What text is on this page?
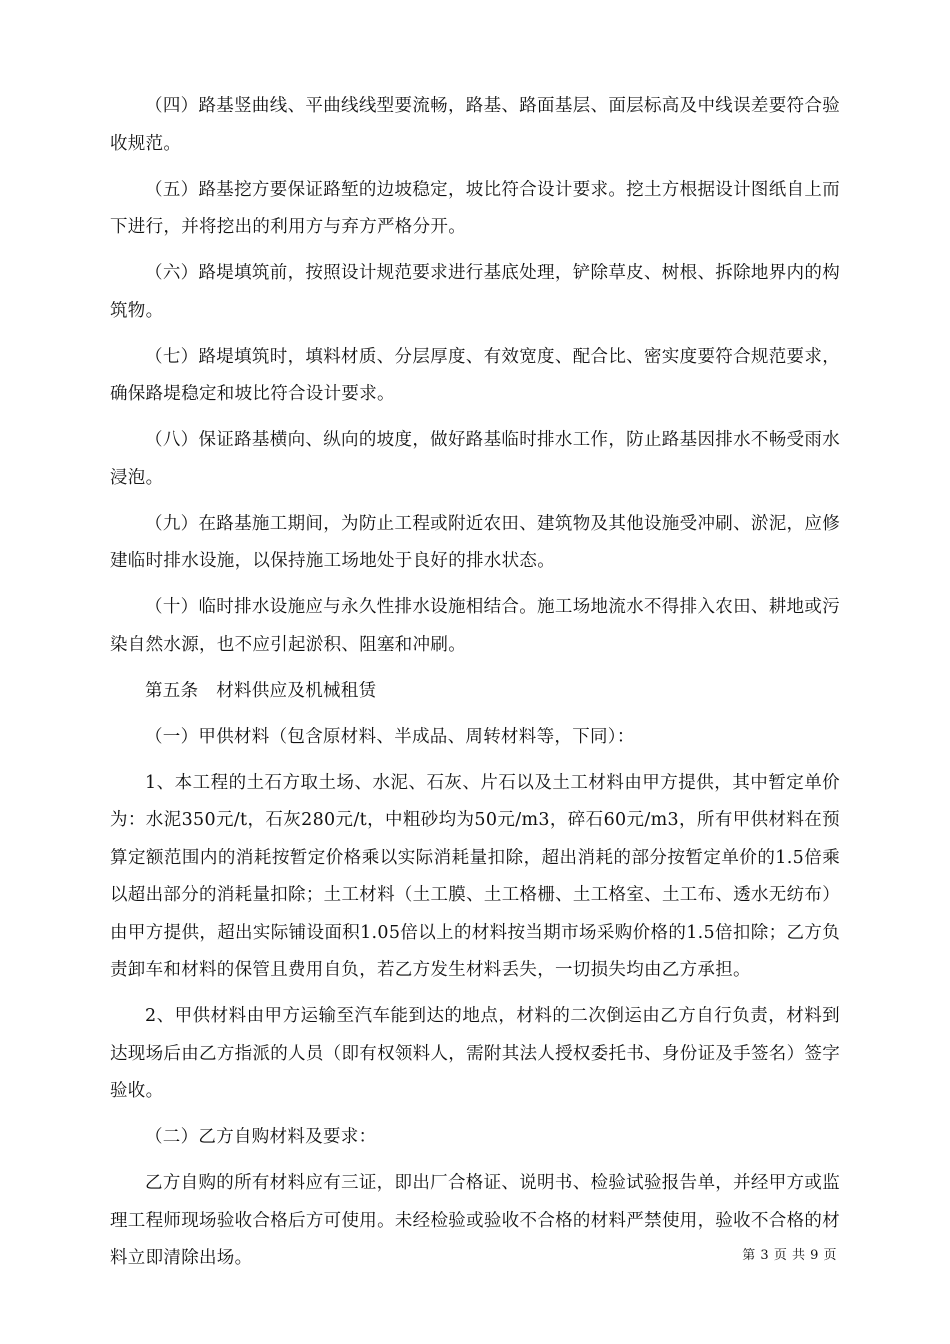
（四）路基竖曲线、平曲线线型要流畅，路基、路面基层、面层标高及中线误差要符合验收规范。

（五）路基挖方要保证路堑的边坡稳定，坡比符合设计要求。挖土方根据设计图纸自上而下进行，并将挖出的利用方与弃方严格分开。

（六）路堤填筑前，按照设计规范要求进行基底处理，铲除草皮、树根、拆除地界内的构筑物。

（七）路堤填筑时，填料材质、分层厚度、有效宽度、配合比、密实度要符合规范要求，确保路堤稳定和坡比符合设计要求。

（八）保证路基横向、纵向的坡度，做好路基临时排水工作，防止路基因排水不畅受雨水浸泡。

（九）在路基施工期间，为防止工程或附近农田、建筑物及其他设施受冲刷、淤泥，应修建临时排水设施，以保持施工场地处于良好的排水状态。

（十）临时排水设施应与永久性排水设施相结合。施工场地流水不得排入农田、耕地或污染自然水源，也不应引起淤积、阻塞和冲刷。

第五条　材料供应及机械租赁

（一）甲供材料（包含原材料、半成品、周转材料等，下同）：

1、本工程的土石方取土场、水泥、石灰、片石以及土工材料由甲方提供，其中暂定单价为：水泥350元/t，石灰280元/t，中粗砂均为50元/m3，碎石60元/m3，所有甲供材料在预算定额范围内的消耗按暂定价格乘以实际消耗量扣除，超出消耗的部分按暂定单价的1.5倍乘以超出部分的消耗量扣除；土工材料（土工膜、土工格栅、土工格室、土工布、透水无纺布）由甲方提供，超出实际铺设面积1.05倍以上的材料按当期市场采购价格的1.5倍扣除；乙方负责卸车和材料的保管且费用自负，若乙方发生材料丢失，一切损失均由乙方承担。

2、甲供材料由甲方运输至汽车能到达的地点，材料的二次倒运由乙方自行负责，材料到达现场后由乙方指派的人员（即有权领料人，需附其法人授权委托书、身份证及手签名）签字验收。

（二）乙方自购材料及要求：

乙方自购的所有材料应有三证，即出厂合格证、说明书、检验试验报告单，并经甲方或监理工程师现场验收合格后方可使用。未经检验或验收不合格的材料严禁使用，验收不合格的材料立即清除出场。	第 3 页 共 9 页
